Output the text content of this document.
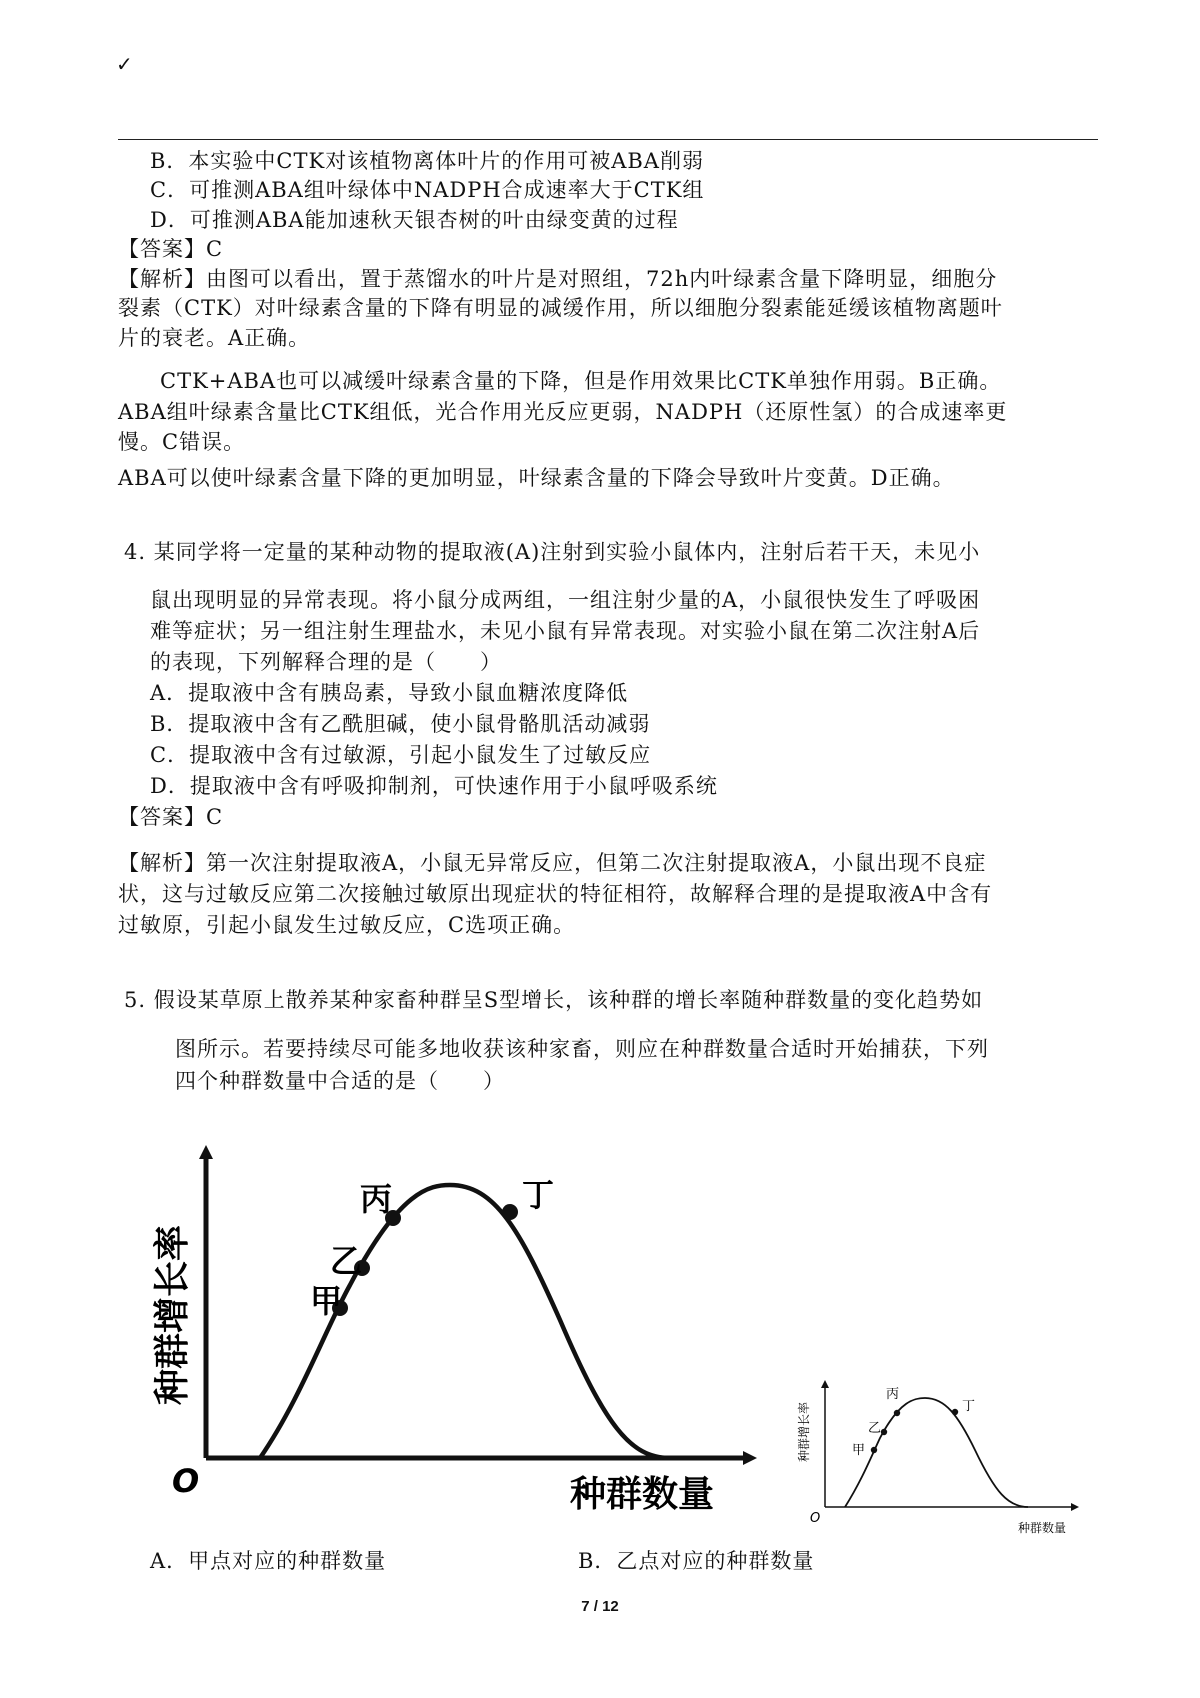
✓
B．本实验中CTK对该植物离体叶片的作用可被ABA削弱
C．可推测ABA组叶绿体中NADPH合成速率大于CTK组
D．可推测ABA能加速秋天银杏树的叶由绿变黄的过程
【答案】C
【解析】由图可以看出，置于蒸馏水的叶片是对照组，72h内叶绿素含量下降明显，细胞分
裂素（CTK）对叶绿素含量的下降有明显的减缓作用，所以细胞分裂素能延缓该植物离题叶
片的衰老。A正确。
CTK+ABA也可以减缓叶绿素含量的下降，但是作用效果比CTK单独作用弱。B正确。
ABA组叶绿素含量比CTK组低，光合作用光反应更弱，NADPH（还原性氢）的合成速率更
慢。C错误。
ABA可以使叶绿素含量下降的更加明显，叶绿素含量的下降会导致叶片变黄。D正确。
4. 某同学将一定量的某种动物的提取液(A)注射到实验小鼠体内，注射后若干天，未见小
鼠出现明显的异常表现。将小鼠分成两组，一组注射少量的A，小鼠很快发生了呼吸困
难等症状；另一组注射生理盐水，未见小鼠有异常表现。对实验小鼠在第二次注射A后
的表现，下列解释合理的是（　　）
A．提取液中含有胰岛素，导致小鼠血糖浓度降低
B．提取液中含有乙酰胆碱，使小鼠骨骼肌活动减弱
C．提取液中含有过敏源，引起小鼠发生了过敏反应
D．提取液中含有呼吸抑制剂，可快速作用于小鼠呼吸系统
【答案】C
【解析】第一次注射提取液A，小鼠无异常反应，但第二次注射提取液A，小鼠出现不良症
状，这与过敏反应第二次接触过敏原出现症状的特征相符，故解释合理的是提取液A中含有
过敏原，引起小鼠发生过敏反应，C选项正确。
5. 假设某草原上散养某种家畜种群呈S型增长，该种群的增长率随种群数量的变化趋势如
图所示。若要持续尽可能多地收获该种家畜，则应在种群数量合适时开始捕获，下列
四个种群数量中合适的是（　　）
甲
乙
丙	丁
O	种群数量
种群增长率
甲
乙
丙
丁
O
种群数量
种群增长率
A．甲点对应的种群数量	B．乙点对应的种群数量
7 / 12
